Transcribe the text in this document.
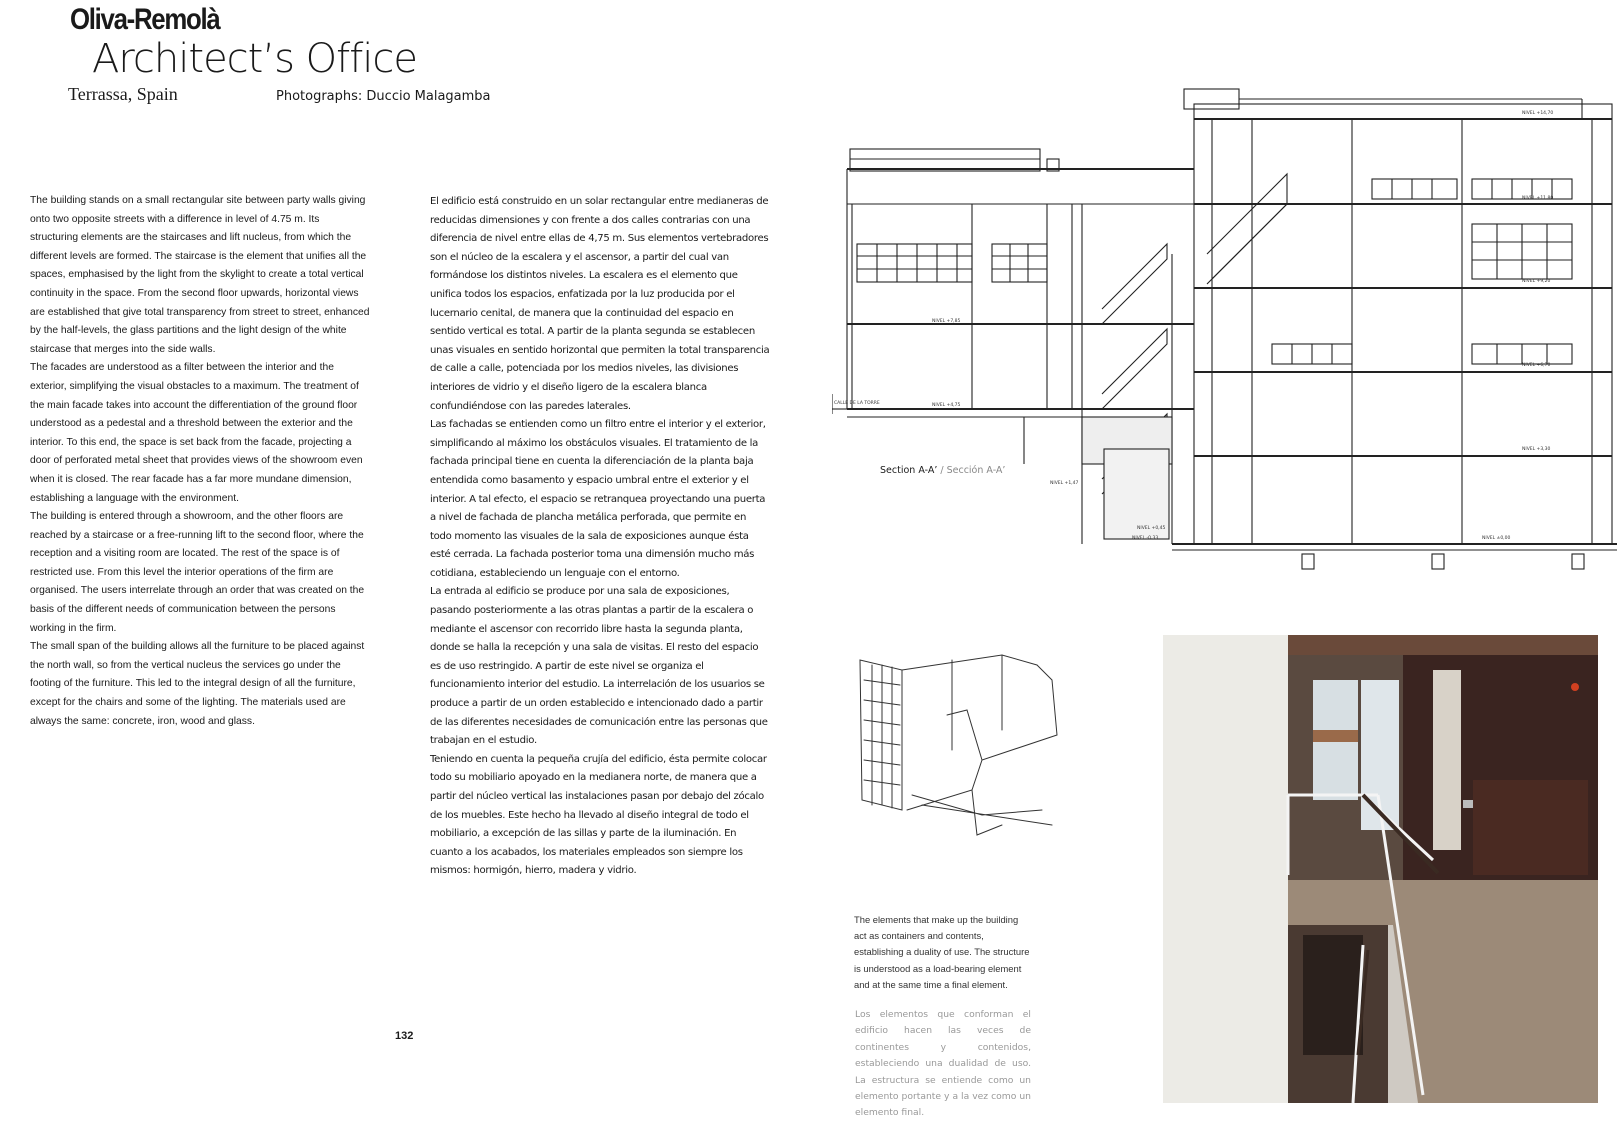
Oliva-Remolà
Architect’s Office
Terrassa, Spain	Photographs: Duccio Malagamba

The building stands on a small rectangular site between party walls giving onto two opposite streets with a difference in level of 4.75 m. Its structuring elements are the staircases and lift nucleus, from which the different levels are formed. The staircase is the element that unifies all the spaces, emphasised by the light from the skylight to create a total vertical continuity in the space. From the second floor upwards, horizontal views are established that give total transparency from street to street, enhanced by the half-levels, the glass partitions and the light design of the white staircase that merges into the side walls.

The facades are understood as a filter between the interior and the exterior, simplifying the visual obstacles to a maximum. The treatment of the main facade takes into account the differentiation of the ground floor understood as a pedestal and a threshold between the exterior and the interior. To this end, the space is set back from the facade, projecting a door of perforated metal sheet that provides views of the showroom even when it is closed. The rear facade has a far more mundane dimension, establishing a language with the environment.

The building is entered through a showroom, and the other floors are reached by a staircase or a free-running lift to the second floor, where the reception and a visiting room are located. The rest of the space is of restricted use. From this level the interior operations of the firm are organised. The users interrelate through an order that was created on the basis of the different needs of communication between the persons working in the firm.

The small span of the building allows all the furniture to be placed against the north wall, so from the vertical nucleus the services go under the footing of the furniture. This led to the integral design of all the furniture, except for the chairs and some of the lighting. The materials used are always the same: concrete, iron, wood and glass.

El edificio está construido en un solar rectangular entre medianeras de reducidas dimensiones y con frente a dos calles contrarias con una diferencia de nivel entre ellas de 4,75 m. Sus elementos vertebradores son el núcleo de la escalera y el ascensor, a partir del cual van formándose los distintos niveles. La escalera es el elemento que unifica todos los espacios, enfatizada por la luz producida por el lucernario cenital, de manera que la continuidad del espacio en sentido vertical es total. A partir de la planta segunda se establecen unas visuales en sentido horizontal que permiten la total transparencia de calle a calle, potenciada por los medios niveles, las divisiones interiores de vidrio y el diseño ligero de la escalera blanca confundiéndose con las paredes laterales.

Las fachadas se entienden como un filtro entre el interior y el exterior, simplificando al máximo los obstáculos visuales. El tratamiento de la fachada principal tiene en cuenta la diferenciación de la planta baja entendida como basamento y espacio umbral entre el exterior y el interior. A tal efecto, el espacio se retranquea proyectando una puerta a nivel de fachada de plancha metálica perforada, que permite en todo momento las visuales de la sala de exposiciones aunque ésta esté cerrada. La fachada posterior toma una dimensión mucho más cotidiana, estableciendo un lenguaje con el entorno.

La entrada al edificio se produce por una sala de exposiciones, pasando posteriormente a las otras plantas a partir de la escalera o mediante el ascensor con recorrido libre hasta la segunda planta, donde se halla la recepción y una sala de visitas. El resto del espacio es de uso restringido. A partir de este nivel se organiza el funcionamiento interior del estudio. La interrelación de los usuarios se produce a partir de un orden establecido e intencionado dado a partir de las diferentes necesidades de comunicación entre las personas que trabajan en el estudio.

Teniendo en cuenta la pequeña crujía del edificio, ésta permite colocar todo su mobiliario apoyado en la medianera norte, de manera que a partir del núcleo vertical las instalaciones pasan por debajo del zócalo de los muebles. Este hecho ha llevado al diseño integral de todo el mobiliario, a excepción de las sillas y parte de la iluminación. En cuanto a los acabados, los materiales empleados son siempre los mismos: hormigón, hierro, madera y vidrio.

132
CALLE DE LA TORRE
NIVEL +14,70
NIVEL +11,80
NIVEL +9,20
NIVEL +7,85
NIVEL +6,70
NIVEL +4,75
NIVEL +3,30
NIVEL +1,47
NIVEL +0,45
NIVEL ±0,00
NIVEL -0,33
Section A-A’ / Sección A-A’
The elements that make up the building act as containers and contents, establishing a duality of use. The structure is understood as a load-bearing element and at the same time a final element.
Los elementos que conforman el edificio hacen las veces de continentes y contenidos, estableciendo una dualidad de uso. La estructura se entiende como un elemento portante y a la vez como un elemento final.
